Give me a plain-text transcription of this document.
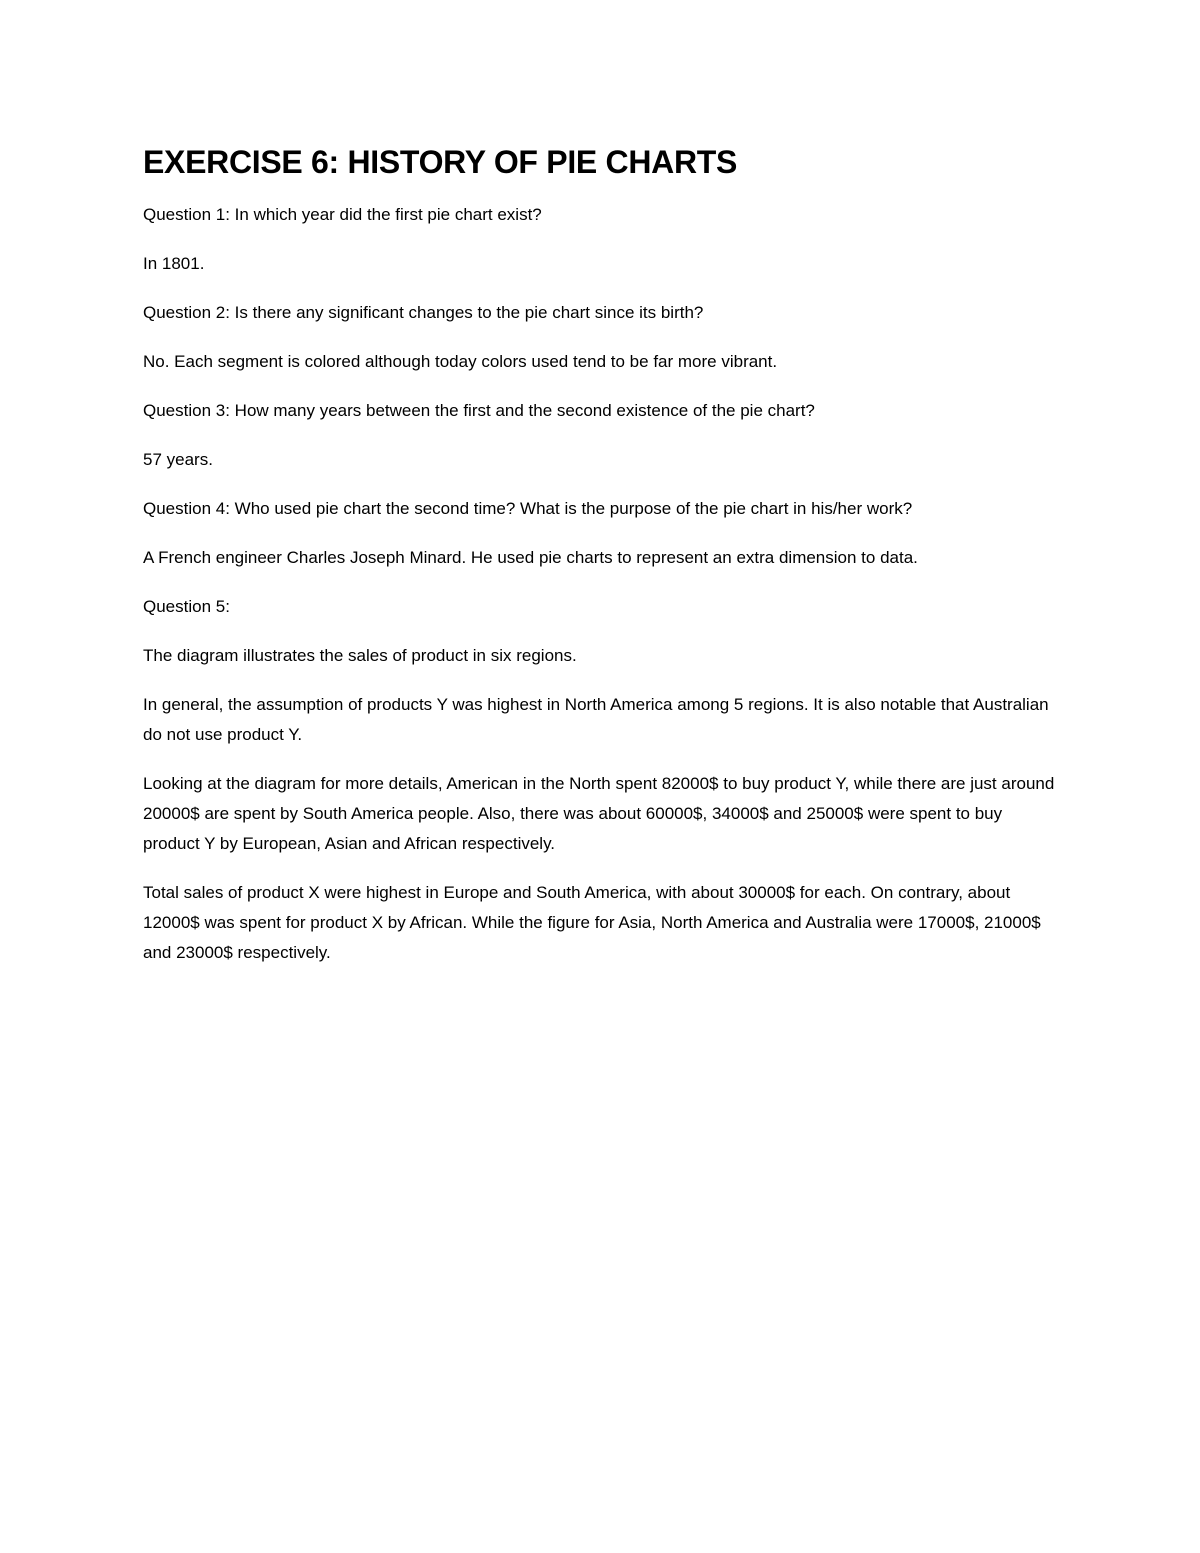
EXERCISE 6: HISTORY OF PIE CHARTS

Question 1: In which year did the first pie chart exist?

In 1801.

Question 2: Is there any significant changes to the pie chart since its birth?

No. Each segment is colored although today colors used tend to be far more vibrant.

Question 3: How many years between the first and the second existence of the pie chart?

57 years.

Question 4: Who used pie chart the second time? What is the purpose of the pie chart in his/her work?

A French engineer Charles Joseph Minard. He used pie charts to represent an extra dimension to data.

Question 5:

The diagram illustrates the sales of product in six regions.

In general, the assumption of products Y was highest in North America among 5 regions. It is also notable that Australian do not use product Y.

Looking at the diagram for more details, American in the North spent 82000$ to buy product Y, while there are just around 20000$ are spent by South America people. Also, there was about 60000$, 34000$ and 25000$ were spent to buy product Y by European, Asian and African respectively.

Total sales of product X were highest in Europe and South America, with about 30000$ for each. On contrary, about 12000$ was spent for product X by African. While the figure for Asia, North America and Australia were 17000$, 21000$ and 23000$ respectively.
